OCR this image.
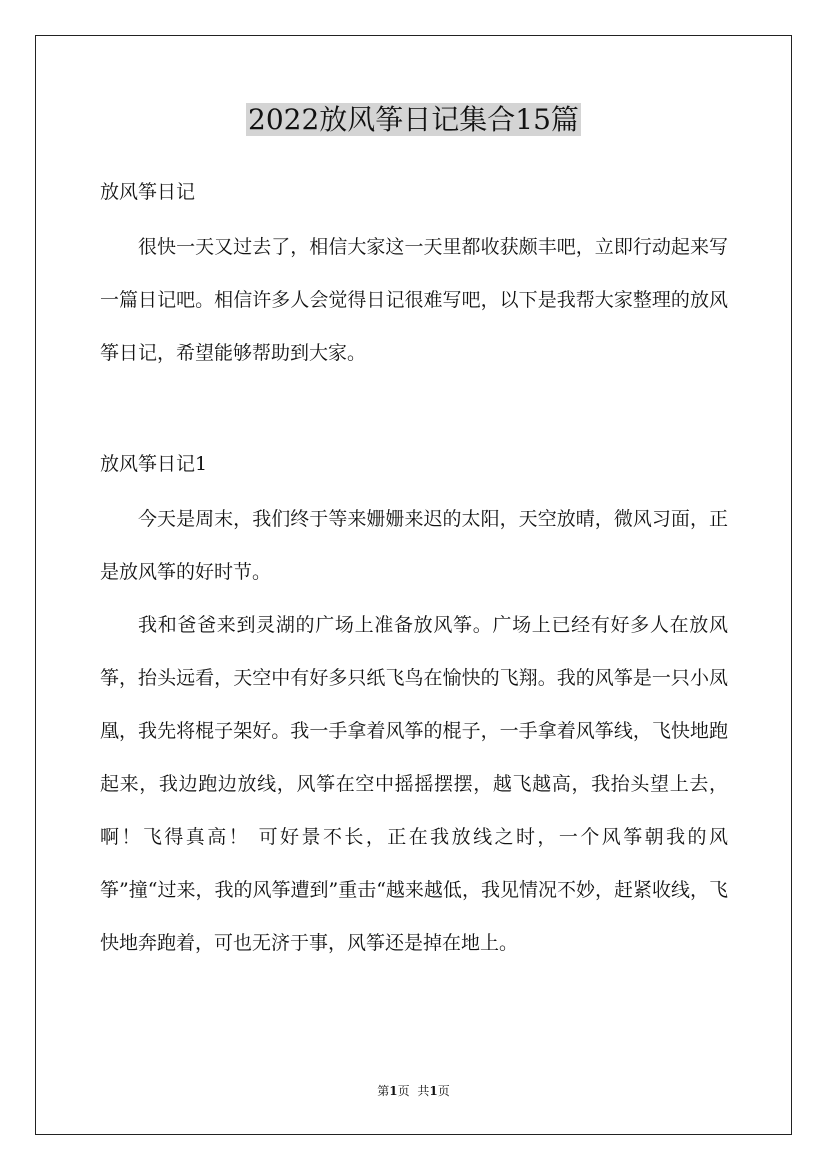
2022放风筝日记集合15篇
放风筝日记

很快一天又过去了，相信大家这一天里都收获颇丰吧，立即行动起来写一篇日记吧。相信许多人会觉得日记很难写吧，以下是我帮大家整理的放风筝日记，希望能够帮助到大家。

放风筝日记1

今天是周末，我们终于等来姗姗来迟的太阳，天空放晴，微风习面，正是放风筝的好时节。

我和爸爸来到灵湖的广场上准备放风筝。广场上已经有好多人在放风筝，抬头远看，天空中有好多只纸飞鸟在愉快的飞翔。我的风筝是一只小凤凰，我先将棍子架好。我一手拿着风筝的棍子，一手拿着风筝线，飞快地跑起来，我边跑边放线，风筝在空中摇摇摆摆，越飞越高，我抬头望上去，啊！飞得真高！ 可好景不长，正在我放线之时，一个风筝朝我的风筝”撞“过来，我的风筝遭到”重击“越来越低，我见情况不妙，赶紧收线，飞快地奔跑着，可也无济于事，风筝还是掉在地上。

第1页 共1页
